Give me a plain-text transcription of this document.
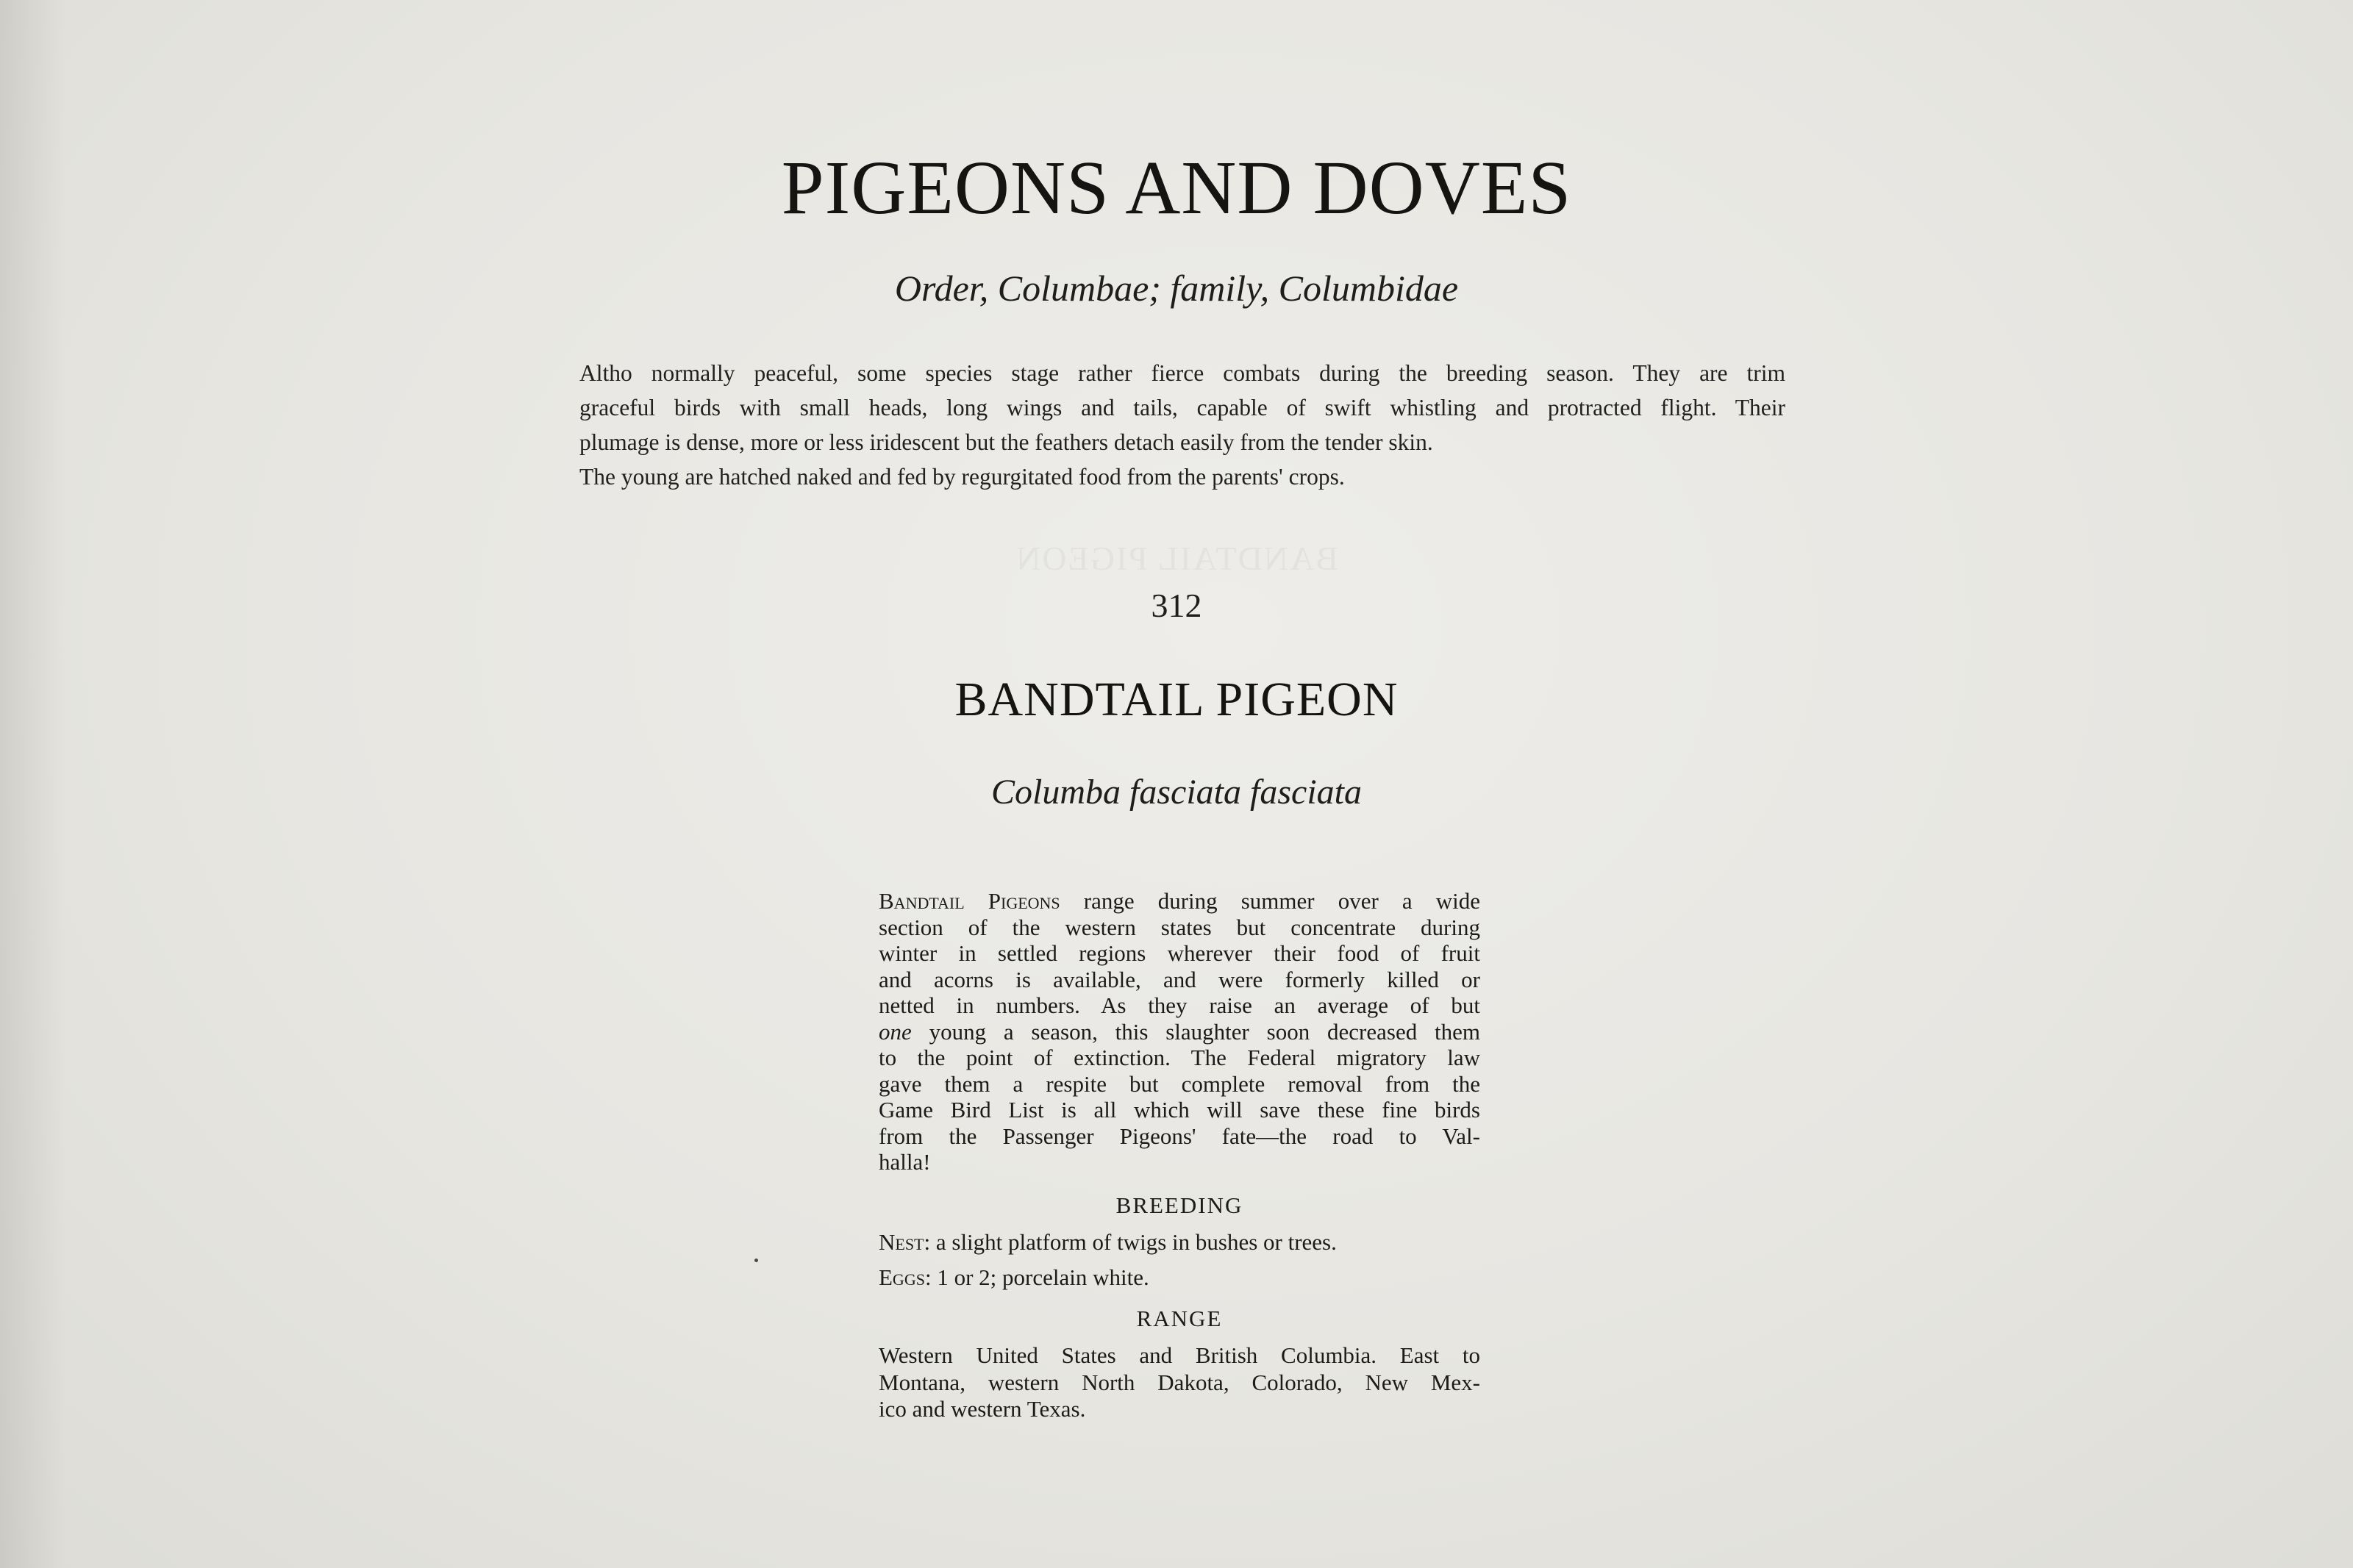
PIGEONS AND DOVES
Order, Columbae; family, Columbidae
Altho normally peaceful, some species stage rather fierce combats during the breeding season. They are trim
graceful birds with small heads, long wings and tails, capable of swift whistling and protracted flight. Their
plumage is dense, more or less iridescent but the feathers detach easily from the tender skin.
The young are hatched naked and fed by regurgitated food from the parents' crops.
BANDTAIL PIGEON
312
BANDTAIL PIGEON
Columba fasciata fasciata
Bandtail Pigeons range during summer over a wide
section of the western states but concentrate during
winter in settled regions wherever their food of fruit
and acorns is available, and were formerly killed or
netted in numbers. As they raise an average of but
one young a season, this slaughter soon decreased them
to the point of extinction. The Federal migratory law
gave them a respite but complete removal from the
Game Bird List is all which will save these fine birds
from the Passenger Pigeons' fate—the road to Val-
halla!
BREEDING
Nest: a slight platform of twigs in bushes or trees.
Eggs: 1 or 2; porcelain white.
RANGE
Western United States and British Columbia. East to
Montana, western North Dakota, Colorado, New Mex-
ico and western Texas.
